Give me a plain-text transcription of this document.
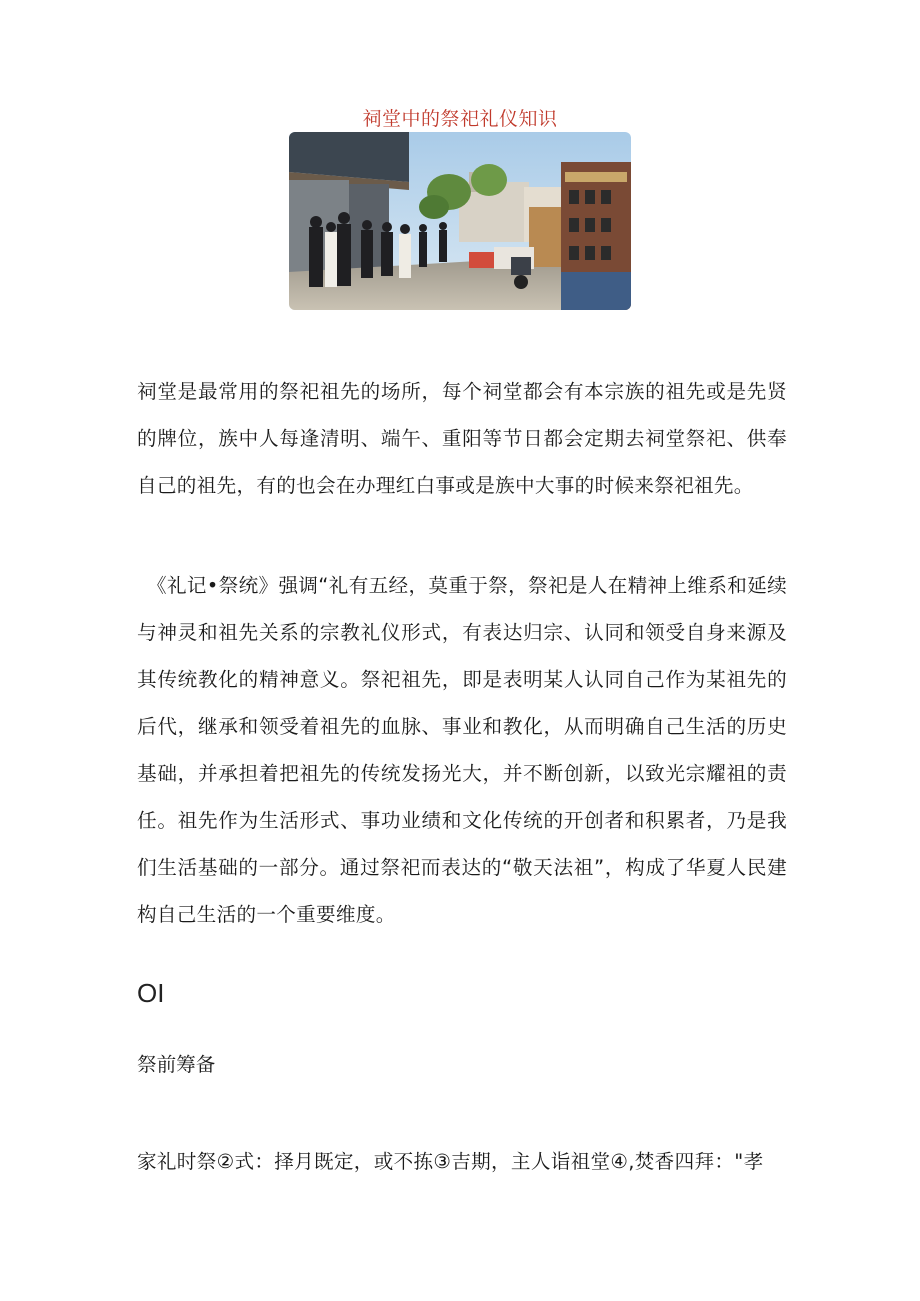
祠堂中的祭祀礼仪知识

祠堂是最常用的祭祀祖先的场所，每个祠堂都会有本宗族的祖先或是先贤的牌位，族中人每逢清明、端午、重阳等节日都会定期去祠堂祭祀、供奉自己的祖先，有的也会在办理红白事或是族中大事的时候来祭祀祖先。

《礼记•祭统》强调“礼有五经，莫重于祭，祭祀是人在精神上维系和延续与神灵和祖先关系的宗教礼仪形式，有表达归宗、认同和领受自身来源及其传统教化的精神意义。祭祀祖先，即是表明某人认同自己作为某祖先的后代，继承和领受着祖先的血脉、事业和教化，从而明确自己生活的历史基础，并承担着把祖先的传统发扬光大，并不断创新，以致光宗耀祖的责任。祖先作为生活形式、事功业绩和文化传统的开创者和积累者，乃是我们生活基础的一部分。通过祭祀而表达的“敬天法祖”，构成了华夏人民建构自己生活的一个重要维度。

OI
祭前筹备

家礼时祭②式：择月既定，或不拣③吉期，主人诣祖堂④,焚香四拜："孝
